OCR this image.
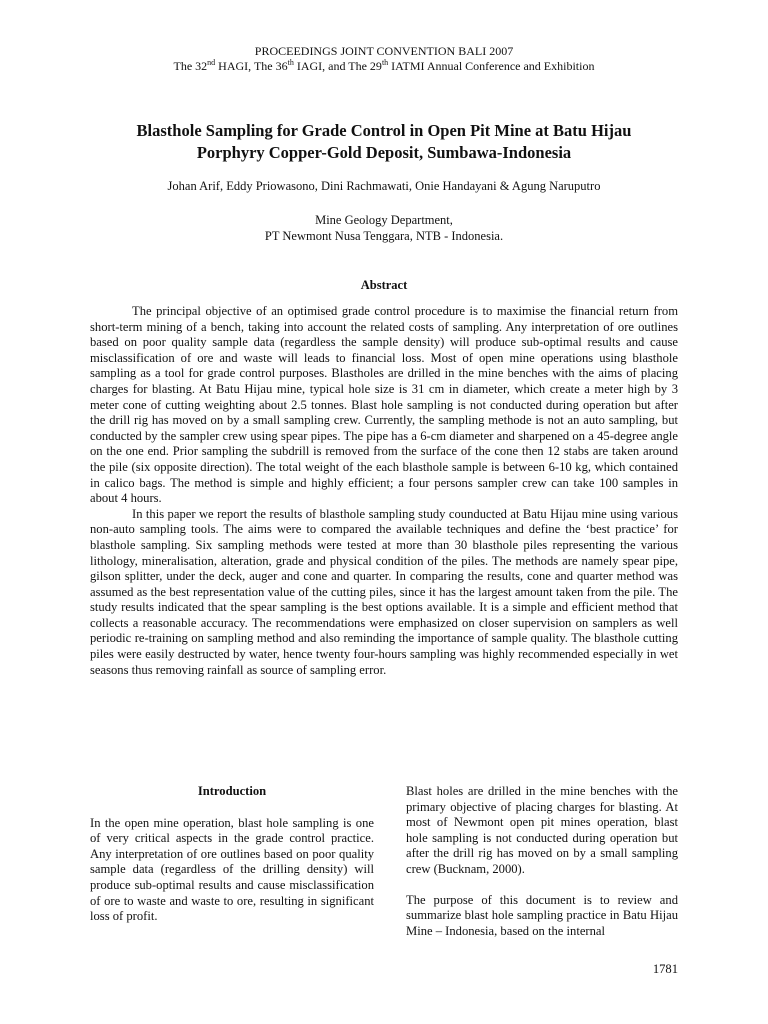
PROCEEDINGS JOINT CONVENTION BALI 2007
The 32nd HAGI, The 36th IAGI, and The 29th IATMI Annual Conference and Exhibition
Blasthole Sampling for Grade Control in Open Pit Mine at Batu Hijau
Porphyry Copper-Gold Deposit, Sumbawa-Indonesia
Johan Arif, Eddy Priowasono, Dini Rachmawati, Onie Handayani & Agung Naruputro
Mine Geology Department,
PT Newmont Nusa Tenggara, NTB - Indonesia.
Abstract

The principal objective of an optimised grade control procedure is to maximise the financial return from short-term mining of a bench, taking into account the related costs of sampling. Any interpretation of ore outlines based on poor quality sample data (regardless the sample density) will produce sub-optimal results and cause misclassification of ore and waste will leads to financial loss. Most of open mine operations using blasthole sampling as a tool for grade control purposes. Blastholes are drilled in the mine benches with the aims of placing charges for blasting. At Batu Hijau mine, typical hole size is 31 cm in diameter, which create a meter high by 3 meter cone of cutting weighting about 2.5 tonnes. Blast hole sampling is not conducted during operation but after the drill rig has moved on by a small sampling crew. Currently, the sampling methode is not an auto sampling, but conducted by the sampler crew using spear pipes. The pipe has a 6-cm diameter and sharpened on a 45-degree angle on the one end. Prior sampling the subdrill is removed from the surface of the cone then 12 stabs are taken around the pile (six opposite direction). The total weight of the each blasthole sample is between 6-10 kg, which contained in calico bags. The method is simple and highly efficient; a four persons sampler crew can take 100 samples in about 4 hours.

In this paper we report the results of blasthole sampling study counducted at Batu Hijau mine using various non-auto sampling tools. The aims were to compared the available techniques and define the ‘best practice’ for blasthole sampling. Six sampling methods were tested at more than 30 blasthole piles representing the various lithology, mineralisation, alteration, grade and physical condition of the piles. The methods are namely spear pipe, gilson splitter, under the deck, auger and cone and quarter. In comparing the results, cone and quarter method was assumed as the best representation value of the cutting piles, since it has the largest amount taken from the pile. The study results indicated that the spear sampling is the best options available. It is a simple and efficient method that collects a reasonable accuracy. The recommendations were emphasized on closer supervision on samplers as well periodic re-training on sampling method and also reminding the importance of sample quality. The blasthole cutting piles were easily destructed by water, hence twenty four-hours sampling was highly recommended especially in wet seasons thus removing rainfall as source of sampling error.

Introduction

In the open mine operation, blast hole sampling is one of very critical aspects in the grade control practice. Any interpretation of ore outlines based on poor quality sample data (regardless of the drilling density) will produce sub-optimal results and cause misclassification of ore to waste and waste to ore, resulting in significant loss of profit.

Blast holes are drilled in the mine benches with the primary objective of placing charges for blasting. At most of Newmont open pit mines operation, blast hole sampling is not conducted during operation but after the drill rig has moved on by a small sampling crew (Bucknam, 2000).

The purpose of this document is to review and summarize blast hole sampling practice in Batu Hijau Mine – Indonesia, based on the internal

1781
